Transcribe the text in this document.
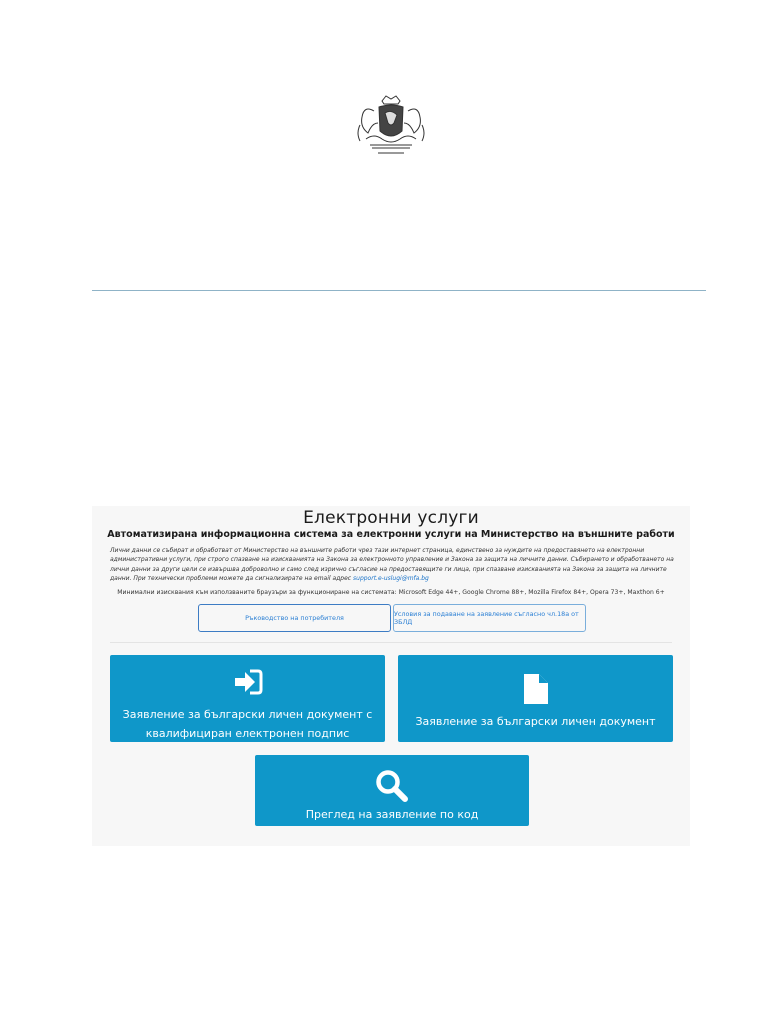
Електронни услуги
Автоматизирана информационна система за електронни услуги на Министерство на външните работи
Лични данни се събират и обработват от Министерство на външните работи чрез тази интернет страница, единствено за нуждите на предоставянето на електронни административни услуги, при строго спазване на изискванията на Закона за електронното управление и Закона за защита на личните данни. Събирането и обработването на лични данни за други цели се извършва доброволно и само след изрично съгласие на предоставящите ги лица, при спазване изискванията на Закона за защита на личните данни. При технически проблеми можете да сигнализирате на email адрес support.e-uslugi@mfa.bg
Минимални изисквания към използваните браузъри за функциониране на системата: Microsoft Edge 44+, Google Chrome 88+, Mozilla Firefox 84+, Opera 73+, Maxthon 6+
Ръководство на потребителя	Условия за подаване на заявление съгласно чл.18а от ЗБЛД
Заявление за български личен документ с квалифициран електронен подпис
Заявление за български личен документ
Преглед на заявление по код
